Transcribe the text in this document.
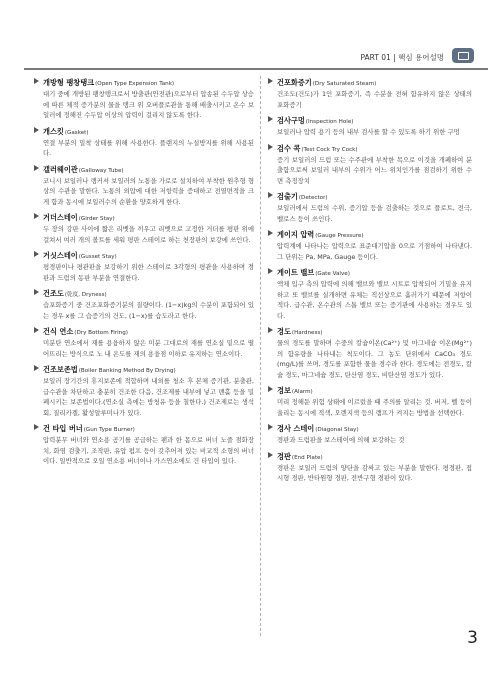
PART 01 | 핵심 용어설명
개방형 팽창탱크 (Open Type Expension Tank)
대기 중에 개방된 팽창탱크로서 방출관(안전관)으로부터 압송된 수두압 상승에 따른 체적 증가분의 물을 탱크 위 오버플로관을 통해 배출시키고 온수 보일러에 정해진 수두압 이상의 압력이 걸리지 않도록 한다.
개스킷 (Gasket)
연결 부분의 밀착 상태를 위해 사용한다. 플랜지의 누설방지를 위해 사용된다.
갤러웨이관 (Galloway Tube)
코니시 보일러나 랭커셔 보일러의 노통을 가로로 설치하여 부착한 원추형 형상의 수관을 말한다. 노통의 외압에 대한 저항력을 증대하고 전열면적을 크게 함과 동시에 보일러수의 순환을 양호하게 한다.
거더스테이 (Girder Stay)
두 장의 강판 사이에 짧은 리벳을 끼우고 리벳으로 고정한 거더를 평판 위에 걸쳐서 여러 개의 볼트를 세워 평판 스테이로 하는 천장판의 보강에 쓰인다.
거싯스테이 (Gusset Stay)
평경판이나 평관판을 보강하기 위한 스테이로 3각형의 평관을 사용하며 경판과 드럼의 동판 부분을 연결한다.
건조도 (乾度, Dryness)
습포화증기 중 건조포화증기분의 질량이다. (1−x)kg의 수분이 포함되어 있는 경우 x를 그 습증기의 건도, (1−x)를 습도라고 한다.
건식 연소 (Dry Bottom Firing)
미분탄 연소에서 재를 용융하지 않은 미분 그대로의 재를 연소실 밑으로 떨어뜨리는 방식으로 노 내 온도를 재의 용융점 이하로 유지하는 연소이다.
건조보존법 (Boiler Banking Method By Drying)
보일러 장기간의 휴지보존에 적합하며 내외를 청소 후 본체 증기관, 분출관, 급수관을 차단하고 충분히 건조한 다음, 건조제를 내부에 넣고 맨홀 등을 밀폐시키는 보존법이다.(연소실 측에는 방청유 등을 칠한다.) 건조제로는 생석회, 질리카겔, 활성알루미나가 있다.
건 타입 버너 (Gun Type Burner)
압력분무 버너와 연소용 공기를 공급하는 팬과 한 몸으로 버너 노즐 점화장치, 화염 검출기, 조작판, 유압 펌프 등이 갖추어져 있는 비교적 소형의 버너이다. 일반적으로 오일 연소용 버너이나 가스연소에도 건 타입이 있다.
건포화증기 (Dry Saturated Steam)
건조도(건도)가 1인 포화증기, 즉 수분을 전혀 함유하지 않은 상태의 포화증기
검사구멍 (Inspection Hole)
보일러나 압력 용기 등의 내부 검사를 할 수 있도록 하기 위한 구멍
검수 콕 (Test Cock Try Cock)
증기 보일러의 드럼 또는 수주관에 부착한 목으로 이것을 개폐하여 분출함으로써 보일러 내부의 수위가 어느 위치인가를 점검하기 위한 수면 측정장치
검출기 (Detector)
보일러에서 드럼의 수위, 증기압 등을 검출하는 것으로 플로트, 전극, 벨로스 등이 쓰인다.
게이지 압력 (Gauge Pressure)
압력계에 나타나는 압력으로 표준대기압을 0으로 기점하여 나타낸다. 그 단위는 Pa, MPa, Gauge 등이다.
게이트 밸브 (Gate Valve)
액체 입구 측의 압력에 의해 밸브와 밸브 시트로 압착되어 기밀을 유지하고 또 밸브를 실개하면 유체는 직선상으로 흘러가기 때문에 저항이 적다. 급수관, 온수관의 스톱 밸브 또는 증기관에 사용하는 경우도 있다.
경도 (Hardness)
물의 경도를 말하며 수중의 칼슘이온(Ca²⁺) 및 마그네슘 이온(Mg²⁺)의 함유량을 나타내는 척도이다. 그 농도 단위에서 CaCO₃ 경도(mg/L)를 쓰며, 경도를 포함한 물을 경수라 한다. 경도에는 전경도, 칼슘 경도, 마그네슘 경도, 탄산염 경도, 비탄산염 경도가 있다.
경보 (Alarm)
미리 정해둔 위험 상태에 이르렀을 때 주의를 알리는 것. 버저, 벨 등이 울리는 동시에 적색, 오렌지색 등의 램프가 켜지는 방법을 선택한다.
경사 스테이 (Diagonal Stay)
경판과 드럼판을 보스테이에 의해 보강하는 것
경판 (End Plate)
경판은 보일러 드럼의 양단을 감싸고 있는 부분을 말한다. 평경판, 접시형 경판, 반타원형 경판, 전반구형 경판이 있다.
3
